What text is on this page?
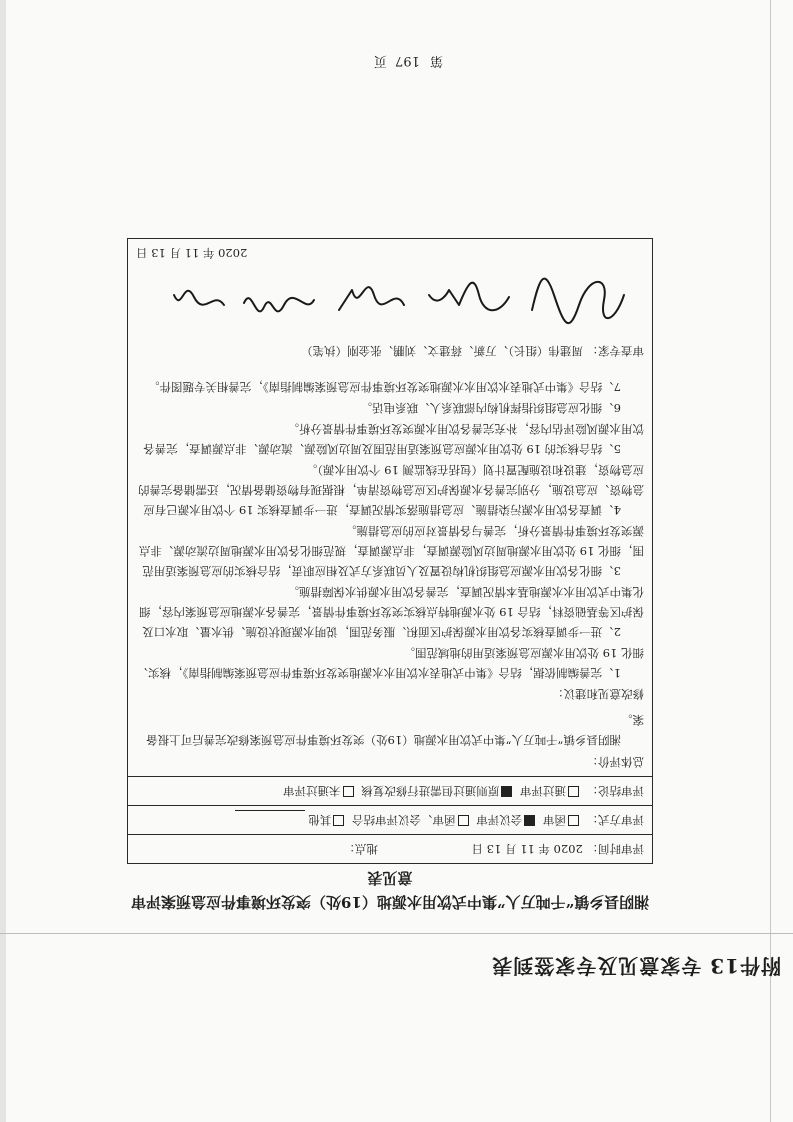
附件13 专家意见及专家签到表
第 197 页
湘阴县乡镇“千吨万人”集中式饮用水源地（19处）突发环境事件应急预案评审意见表
评审时间： 2020 年 11 月 13 日 地点：
评审方式： 函审 会议评审 函审、会议评审结合 其他
评审结论： 通过评审 原则通过但需进行修改复核 未通过评审

总体评价：
湘阴县乡镇“千吨万人”集中式饮用水源地（19处）突发环境事件应急预案修改完善后可上报备案。
修改意见和建议：

1、完善编制依据，结合《集中式地表水饮用水水源地突发环境事件应急预案编制指南》，核实、细化 19 处饮用水源应急预案适用的地域范围。

2、进一步调查核实各饮用水源保护区面积、服务范围，说明水源现状设施、供水量、取水口及保护区等基础资料，结合 19 处水源地特点核实突发环境事件情景，完善各水源地应急预案内容，细化集中式饮用水水源地基本情况调查，完善各饮用水源供水保障措施。

3、细化各饮用水源应急组织机构设置及人员联系方式及相应职责，结合核实的应急预案适用范围，细化 19 处饮用水源地周边风险源调查，非点源调查，规范细化各饮用水源地周边流动源、非点源突发环境事件情景分析，完善与各情景对应的应急措施。

4、调查各饮用水源污染措施、应急措施落实情况调查，进一步调查核实 19 个饮用水源已有应急物资、应急设施，分别完善各水源保护区应急物资清单，根据现有物资储备情况，还需储备完善的应急物资，建设和设施配置计划（包括在线监测 19 个饮用水源）。

5、结合核实的 19 处饮用水源应急预案适用范围及周边风险源、流动源、非点源调查，完善各饮用水源风险评估内容，补充完善各饮用水源突发环境事件情景分析。

6、细化应急组织指挥机构内部联系人、联系电话。

7、结合《集中式地表水饮用水水源地突发环境事件应急预案编制指南》，完善相关专题图件。

审查专家： 周建伟（组长）、万新、蒋建文、刘鹏、张金刚（执笔）
2020 年 11 月 13 日
